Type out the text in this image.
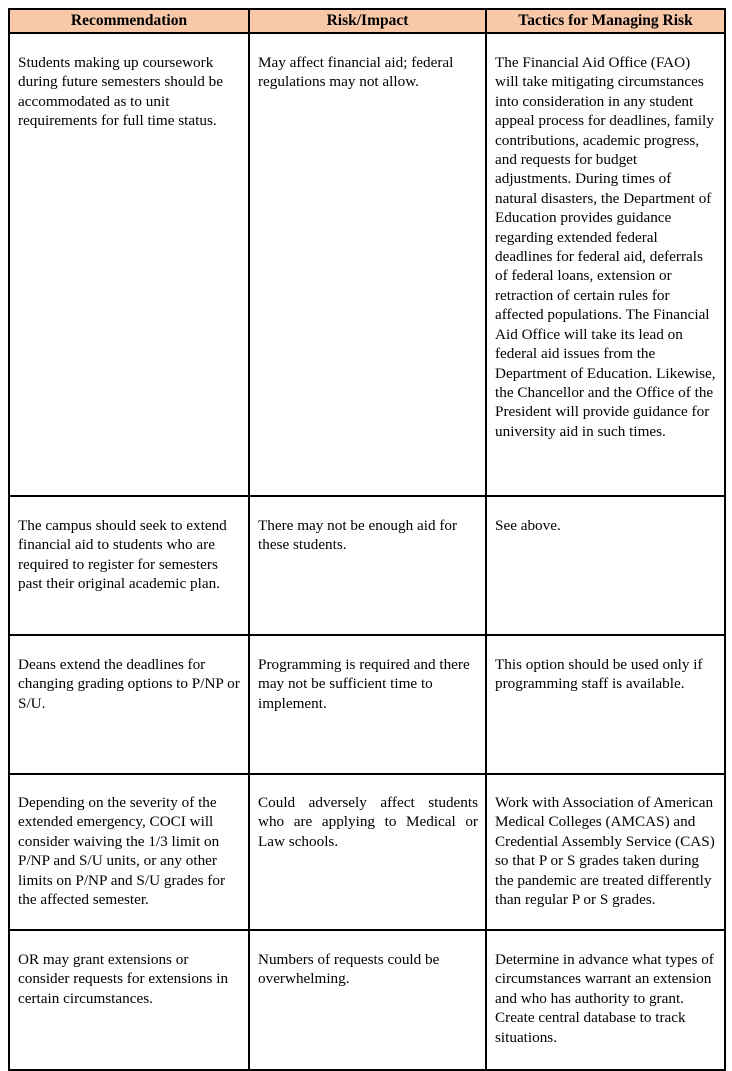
Recommendation	Risk/Impact	Tactics for Managing Risk
Students making up coursework during future semesters should be accommodated as to unit requirements for full time status.	May affect financial aid; federal regulations may not allow.	The Financial Aid Office (FAO) will take mitigating circumstances into consideration in any student appeal process for deadlines, family contributions, academic progress, and requests for budget adjustments. During times of natural disasters, the Department of Education provides guidance regarding extended federal deadlines for federal aid, deferrals of federal loans, extension or retraction of certain rules for affected populations. The Financial Aid Office will take its lead on federal aid issues from the Department of Education. Likewise, the Chancellor and the Office of the President will provide guidance for university aid in such times.
The campus should seek to extend financial aid to students who are required to register for semesters past their original academic plan.	There may not be enough aid for these students.	See above.
Deans extend the deadlines for changing grading options to P/NP or S/U.	Programming is required and there may not be sufficient time to implement.	This option should be used only if programming staff is available.
Depending on the severity of the extended emergency, COCI will consider waiving the 1/3 limit on P/NP and S/U units, or any other limits on P/NP and S/U grades for the affected semester.	Could adversely affect students who are applying to Medical or Law schools.	Work with Association of American Medical Colleges (AMCAS) and Credential Assembly Service (CAS) so that P or S grades taken during the pandemic are treated differently than regular P or S grades.
OR may grant extensions or consider requests for extensions in certain circumstances.	Numbers of requests could be overwhelming.	Determine in advance what types of circumstances warrant an extension and who has authority to grant. Create central database to track situations.
